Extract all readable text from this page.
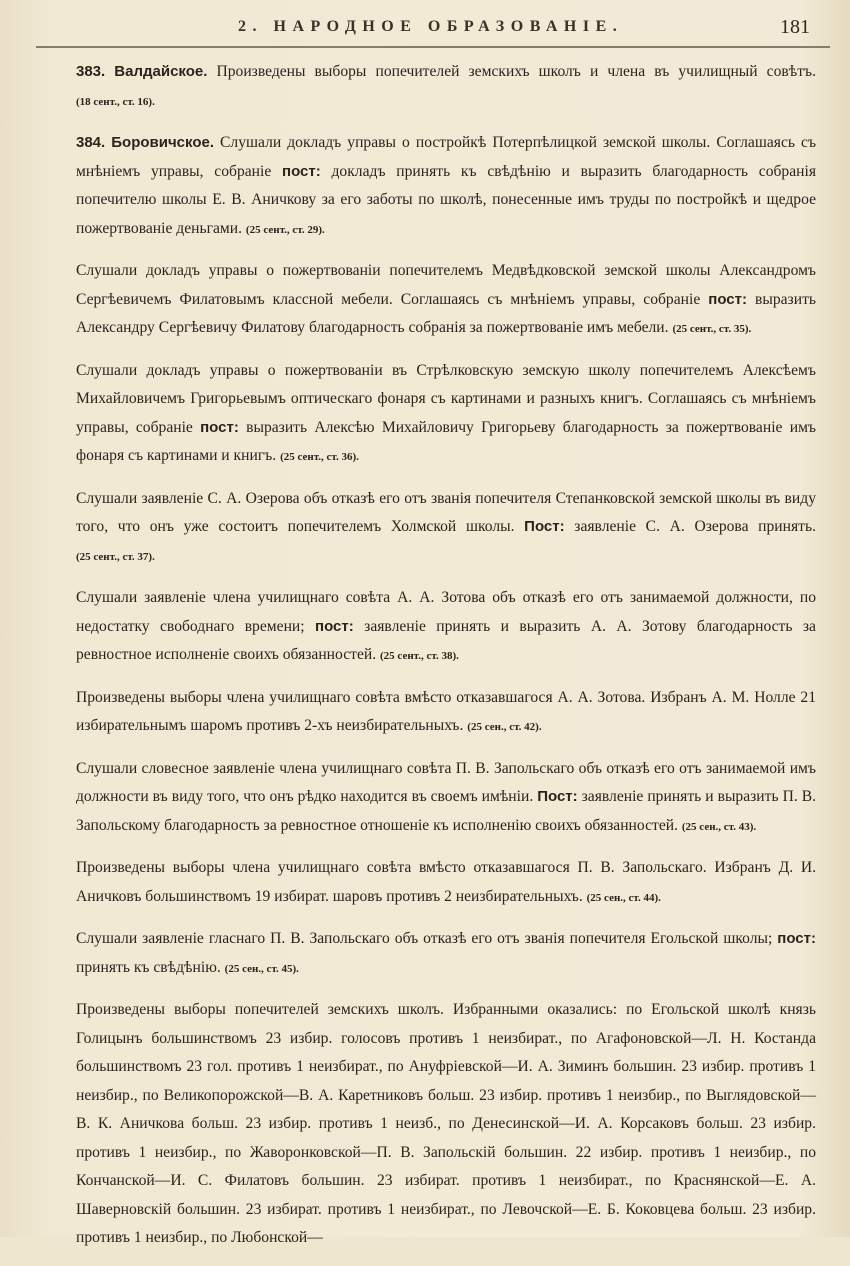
2. НАРОДНОЕ ОБРАЗОВАНІЕ.	181

383. Валдайское. Произведены выборы попечителей земскихъ школъ и члена въ училищный совѣтъ. (18 сент., ст. 16).

384. Боровичское. Слушали докладъ управы о постройкѣ Потерпѣлицкой земской школы. Соглашаясь съ мнѣніемъ управы, собраніе пост: докладъ принять къ свѣдѣнію и выразить благодарность собранія попечителю школы Е. В. Аничкову за его заботы по школѣ, понесенные имъ труды по постройкѣ и щедрое пожертвованіе деньгами. (25 сент., ст. 29).

Слушали докладъ управы о пожертвованіи попечителемъ Медвѣдковской земской школы Александромъ Сергѣевичемъ Филатовымъ классной мебели. Соглашаясь съ мнѣніемъ управы, собраніе пост: выразить Александру Сергѣевичу Филатову благодарность собранія за пожертвованіе имъ мебели. (25 сент., ст. 35).

Слушали докладъ управы о пожертвованіи въ Стрѣлковскую земскую школу попечителемъ Алексѣемъ Михайловичемъ Григорьевымъ оптическаго фонаря съ картинами и разныхъ книгъ. Соглашаясь съ мнѣніемъ управы, собраніе пост: выразить Алексѣю Михайловичу Григорьеву благодарность за пожертвованіе имъ фонаря съ картинами и книгъ. (25 сент., ст. 36).

Слушали заявленіе С. А. Озерова объ отказѣ его отъ званія попечителя Степанковской земской школы въ виду того, что онъ уже состоитъ попечителемъ Холмской школы. Пост: заявленіе С. А. Озерова принять. (25 сент., ст. 37).

Слушали заявленіе члена училищнаго совѣта А. А. Зотова объ отказѣ его отъ занимаемой должности, по недостатку свободнаго времени; пост: заявленіе принять и выразить А. А. Зотову благодарность за ревностное исполненіе своихъ обязанностей. (25 сент., ст. 38).

Произведены выборы члена училищнаго совѣта вмѣсто отказавшагося А. А. Зотова. Избранъ А. М. Нолле 21 избирательнымъ шаромъ противъ 2-хъ неизбирательныхъ. (25 сен., ст. 42).

Слушали словесное заявленіе члена училищнаго совѣта П. В. Запольскаго объ отказѣ его отъ занимаемой имъ должности въ виду того, что онъ рѣдко находится въ своемъ имѣніи. Пост: заявленіе принять и выразить П. В. Запольскому благодарность за ревностное отношеніе къ исполненію своихъ обязанностей. (25 сен., ст. 43).

Произведены выборы члена училищнаго совѣта вмѣсто отказавшагося П. В. Запольскаго. Избранъ Д. И. Аничковъ большинствомъ 19 избират. шаровъ противъ 2 неизбирательныхъ. (25 сен., ст. 44).

Слушали заявленіе гласнаго П. В. Запольскаго объ отказѣ его отъ званія попечителя Егольской школы; пост: принять къ свѣдѣнію. (25 сен., ст. 45).

Произведены выборы попечителей земскихъ школъ. Избранными оказались: по Егольской школѣ князь Голицынъ большинствомъ 23 избир. голосовъ противъ 1 неизбират., по Агафоновской—Л. Н. Костанда большинствомъ 23 гол. противъ 1 неизбират., по Ануфріевской—И. А. Зиминъ большин. 23 избир. противъ 1 неизбир., по Великопорожской—В. А. Каретниковъ больш. 23 избир. противъ 1 неизбир., по Выглядовской—В. К. Аничкова больш. 23 избир. противъ 1 неизб., по Денесинской—И. А. Корсаковъ больш. 23 избир. противъ 1 неизбир., по Жаворонковской—П. В. Запольскій большин. 22 избир. противъ 1 неизбир., по Кончанской—И. С. Филатовъ большин. 23 избират. противъ 1 неизбират., по Краснянской—Е. А. Шаверновскій большин. 23 избират. противъ 1 неизбират., по Левочской—Е. Б. Коковцева больш. 23 избир. противъ 1 неизбир., по Любонской—
